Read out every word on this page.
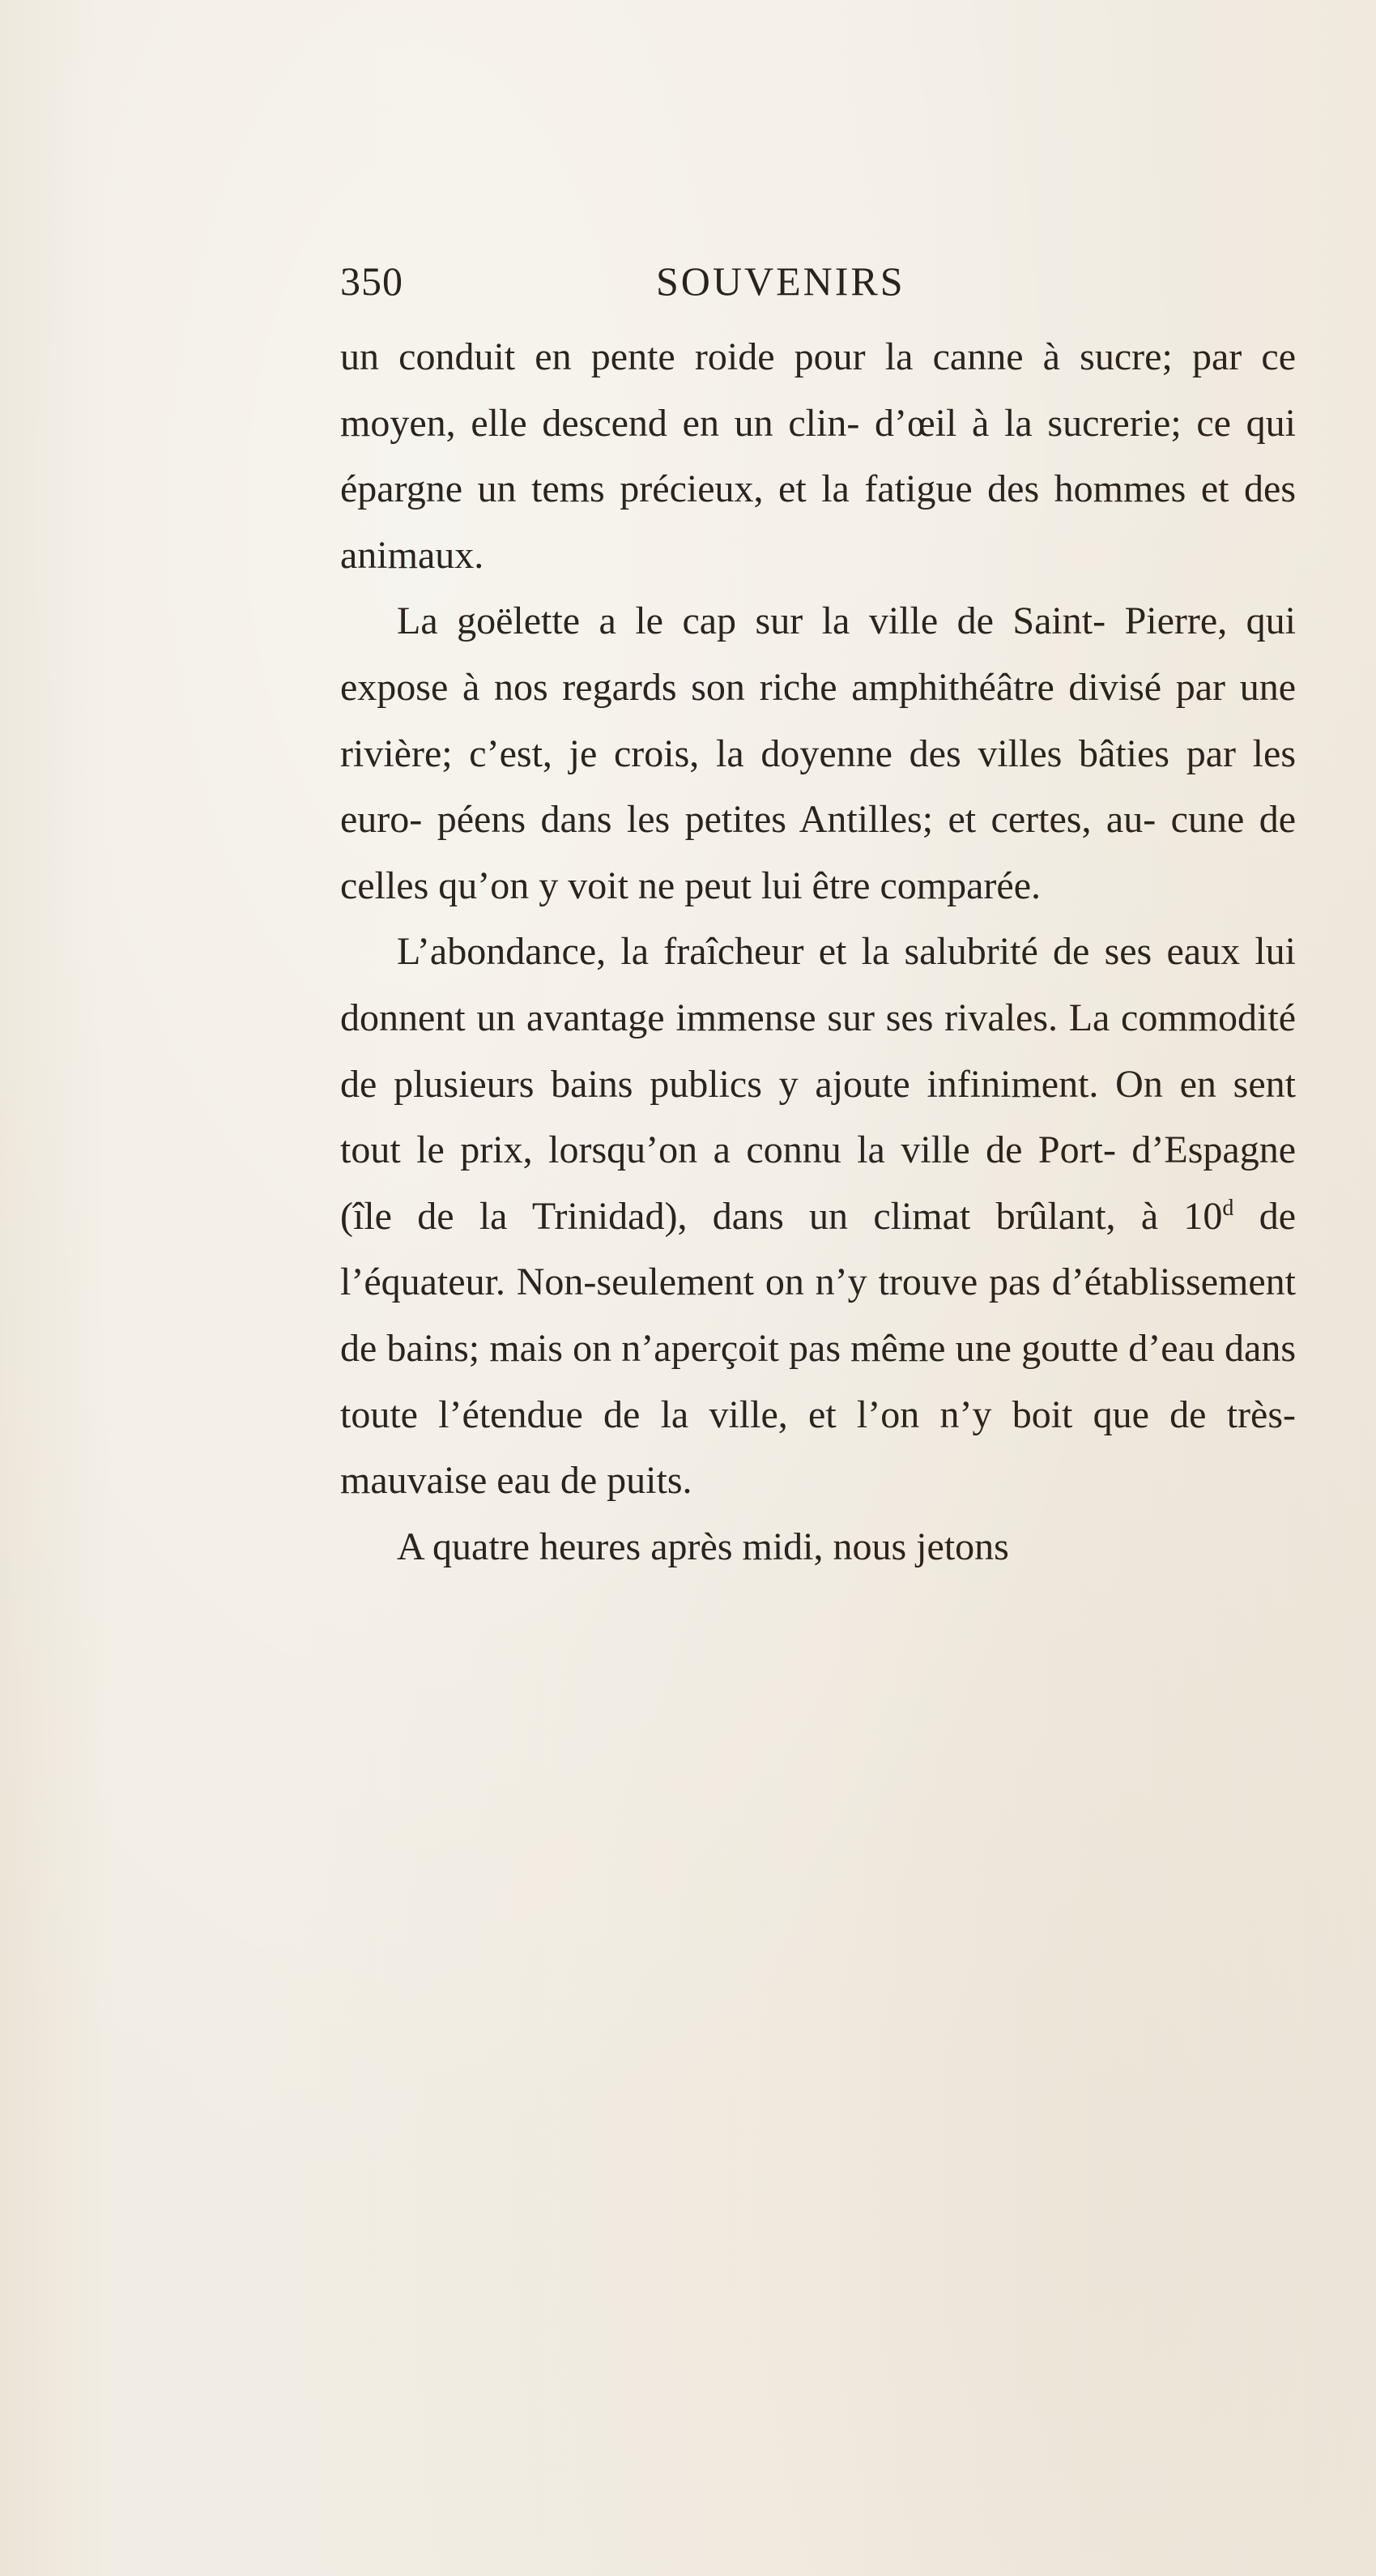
350	SOUVENIRS

un conduit en pente roide pour la canne à sucre; par ce moyen, elle descend en un clin- d’œil à la sucrerie; ce qui épargne un tems précieux, et la fatigue des hommes et des animaux.

La goëlette a le cap sur la ville de Saint- Pierre, qui expose à nos regards son riche amphithéâtre divisé par une rivière; c’est, je crois, la doyenne des villes bâties par les euro- péens dans les petites Antilles; et certes, au- cune de celles qu’on y voit ne peut lui être comparée.

L’abondance, la fraîcheur et la salubrité de ses eaux lui donnent un avantage immense sur ses rivales. La commodité de plusieurs bains publics y ajoute infiniment. On en sent tout le prix, lorsqu’on a connu la ville de Port- d’Espagne (île de la Trinidad), dans un climat brûlant, à 10$^d$ de l’équateur. Non-seulement on n’y trouve pas d’établissement de bains; mais on n’aperçoit pas même une goutte d’eau dans toute l’étendue de la ville, et l’on n’y boit que de très-mauvaise eau de puits.

A quatre heures après midi, nous jetons
